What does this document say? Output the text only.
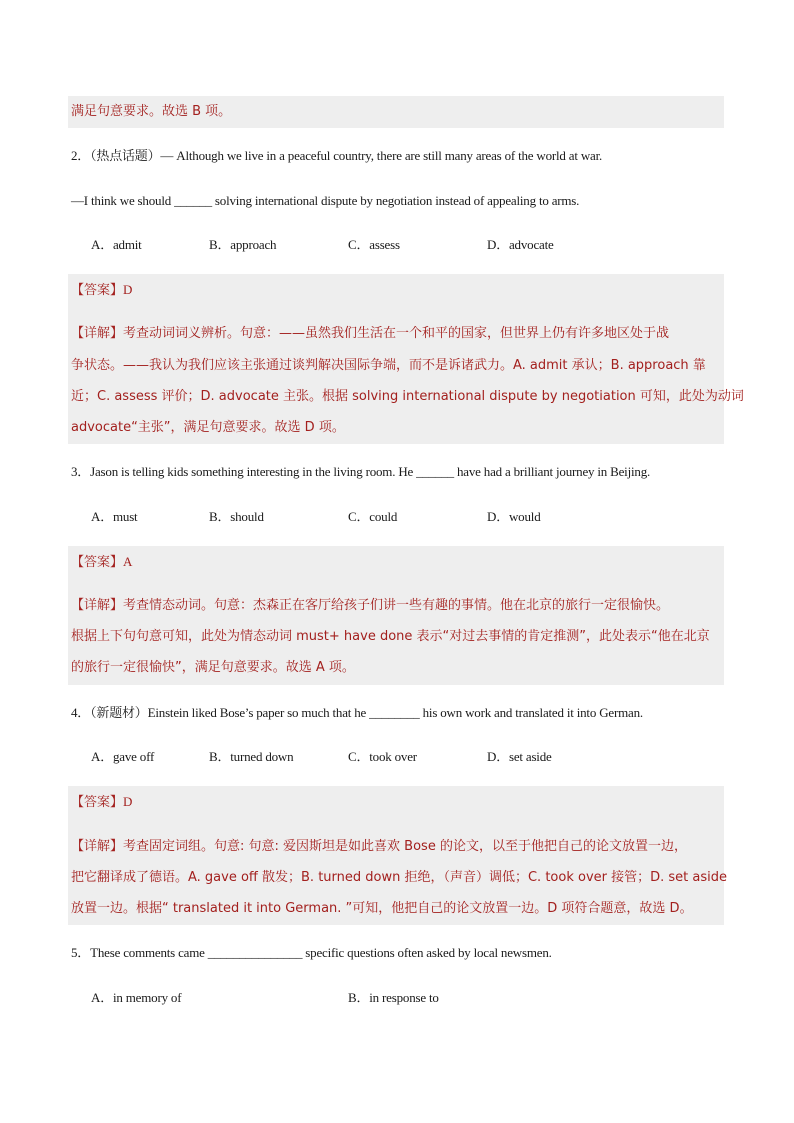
满足句意要求。故选 B 项。
2．（热点话题）— Although we live in a peaceful country, there are still many areas of the world at war.
—I think we should ______ solving international dispute by negotiation instead of appealing to arms.
A．admit	B．approach	C．assess	D．advocate
【答案】D
【详解】考查动词词义辨析。句意：——虽然我们生活在一个和平的国家，但世界上仍有许多地区处于战
争状态。——我认为我们应该主张通过谈判解决国际争端，而不是诉诸武力。A. admit 承认；B. approach 靠
近；C. assess 评价；D. advocate 主张。根据 solving international dispute by negotiation 可知，此处为动词
advocate“主张”，满足句意要求。故选 D 项。
3．Jason is telling kids something interesting in the living room. He ______ have had a brilliant journey in Beijing.
A．must	B．should	C．could	D．would
【答案】A
【详解】考查情态动词。句意：杰森正在客厅给孩子们讲一些有趣的事情。他在北京的旅行一定很愉快。
根据上下句句意可知，此处为情态动词 must+ have done 表示“对过去事情的肯定推测”，此处表示“他在北京
的旅行一定很愉快”，满足句意要求。故选 A 项。
4．（新题材）Einstein liked Bose’s paper so much that he ________ his own work and translated it into German.
A．gave off	B．turned down	C．took over	D．set aside
【答案】D
【详解】考查固定词组。句意: 句意: 爱因斯坦是如此喜欢 Bose 的论文，以至于他把自己的论文放置一边，
把它翻译成了德语。A. gave off 散发；B. turned down 拒绝，（声音）调低；C. took over 接管；D. set aside
放置一边。根据“ translated it into German. ”可知，他把自己的论文放置一边。D 项符合题意，故选 D。
5．These comments came _______________ specific questions often asked by local newsmen.
A．in memory of	B．in response to
